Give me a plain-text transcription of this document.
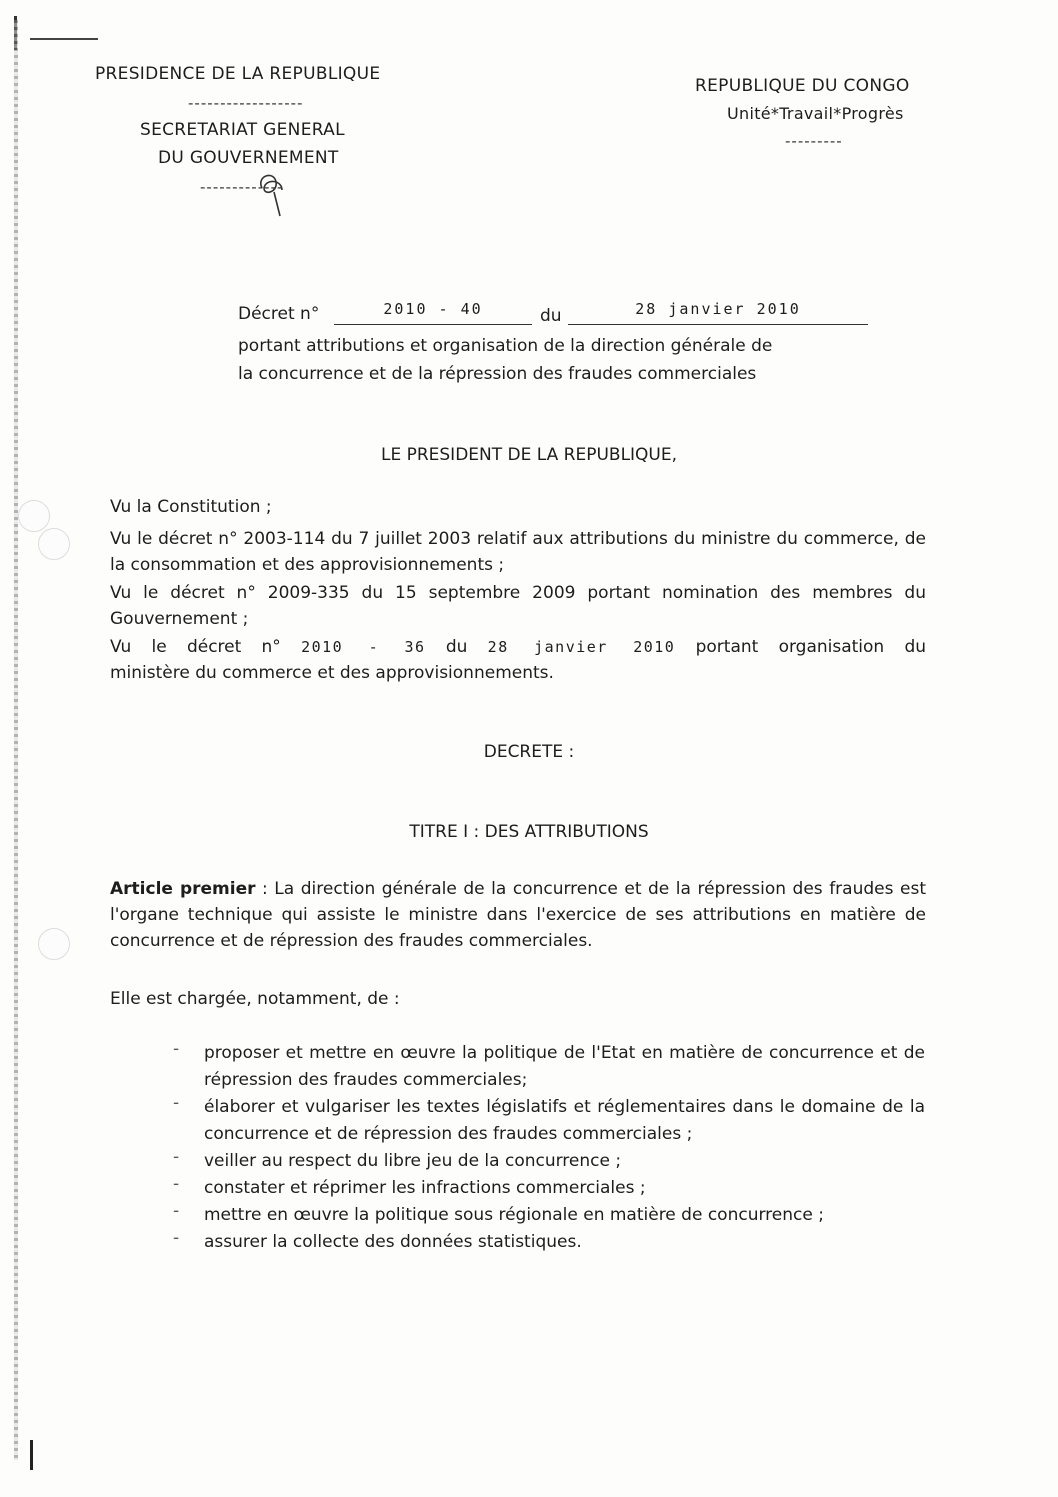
PRESIDENCE DE LA REPUBLIQUE
------------------
SECRETARIAT GENERAL
DU GOUVERNEMENT
-------------
REPUBLIQUE DU CONGO
Unité*Travail*Progrès
---------
Décret n°	2010 - 40	du	28 janvier 2010
portant attributions et organisation de la direction générale de
la concurrence et de la répression des fraudes commerciales
LE PRESIDENT DE LA REPUBLIQUE,
Vu la Constitution ;
Vu le décret n° 2003-114 du 7 juillet 2003 relatif aux attributions du ministre du commerce, de la consommation et des approvisionnements ;
Vu le décret n° 2009-335 du 15 septembre 2009 portant nomination des membres du Gouvernement ;
Vu le décret n° 2010 - 36 du 28 janvier 2010 portant organisation du
ministère du commerce et des approvisionnements.
DECRETE :
TITRE I : DES ATTRIBUTIONS
Article premier : La direction générale de la concurrence et de la répression des fraudes est l'organe technique qui assiste le ministre dans l'exercice de ses attributions en matière de concurrence et de répression des fraudes commerciales.
Elle est chargée, notamment, de :
- proposer et mettre en œuvre la politique de l'Etat en matière de concurrence et de répression des fraudes commerciales;
- élaborer et vulgariser les textes législatifs et réglementaires dans le domaine de la concurrence et de répression des fraudes commerciales ;
- veiller au respect du libre jeu de la concurrence ;
- constater et réprimer les infractions commerciales ;
- mettre en œuvre la politique sous régionale en matière de concurrence ;
- assurer la collecte des données statistiques.
